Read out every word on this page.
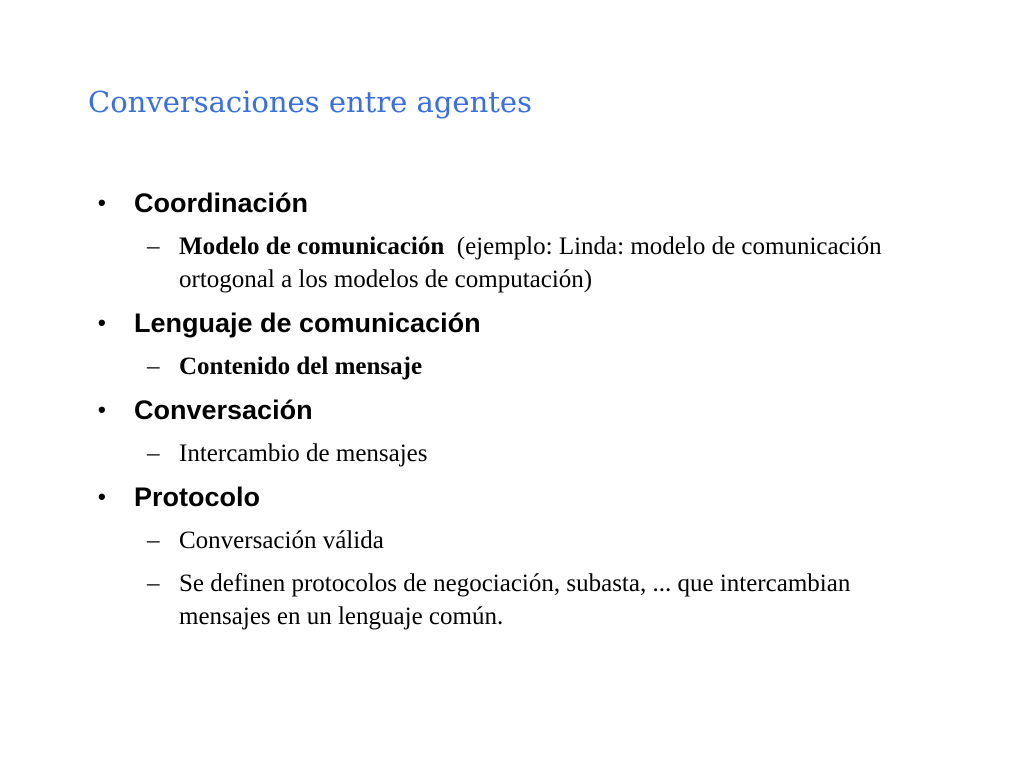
Conversaciones entre agentes
• Coordinación
– Modelo de comunicación (ejemplo: Linda: modelo de comunicación ortogonal a los modelos de computación)
• Lenguaje de comunicación
– Contenido del mensaje
• Conversación
– Intercambio de mensajes
• Protocolo
– Conversación válida
– Se definen protocolos de negociación, subasta, ... que intercambian mensajes en un lenguaje común.
